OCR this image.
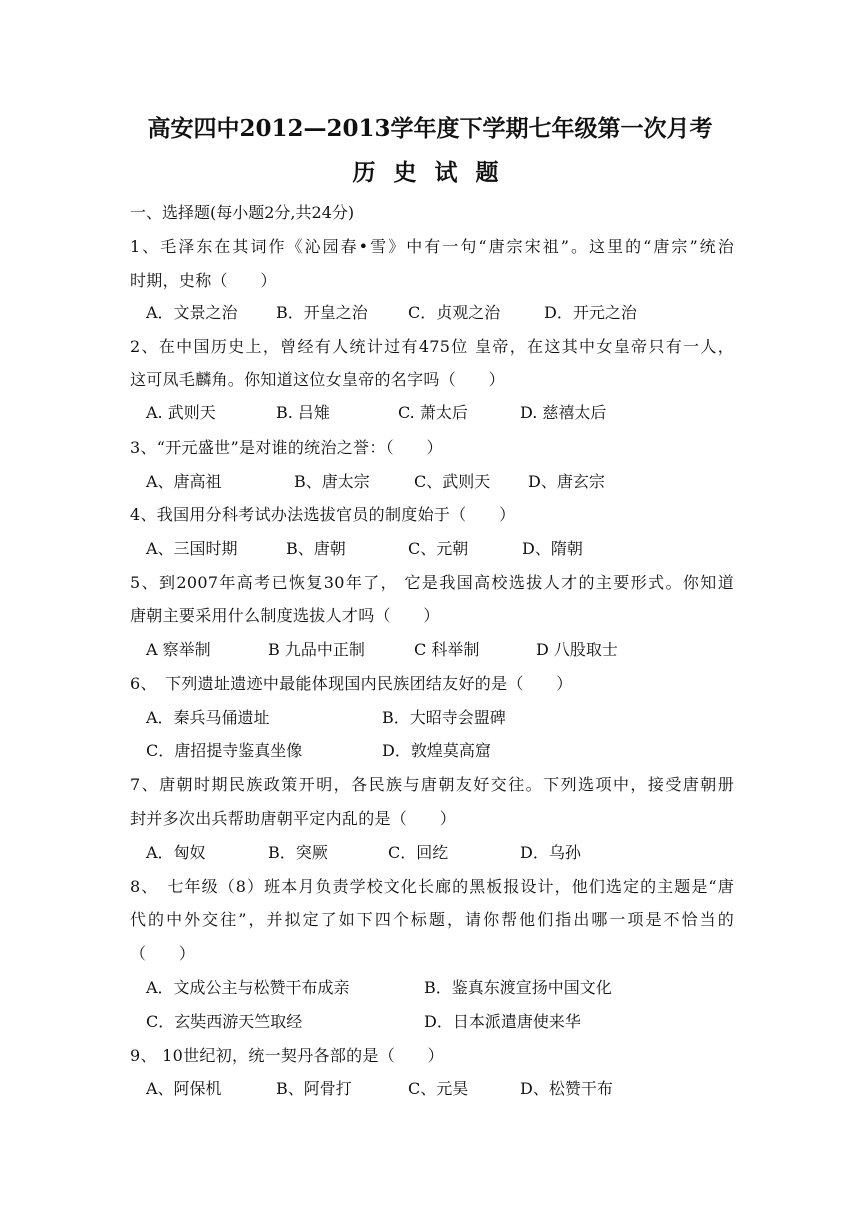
高安四中2012—2013学年度下学期七年级第一次月考
历史试题
一、选择题(每小题2分,共24分)
1、毛泽东在其词作《沁园春•雪》中有一句“唐宗宋祖”。这里的“唐宗”统治
时期，史称（　　）
A．文景之治 B．开皇之治	C．贞观之治	D．开元之治
2、在中国历史上，曾经有人统计过有475位 皇帝，在这其中女皇帝只有一人，
这可凤毛麟角。你知道这位女皇帝的名字吗（　　）
A. 武则天	B. 吕雉	C. 萧太后	D. 慈禧太后
3、“开元盛世”是对谁的统治之誉：（　　）
A、唐高祖	B、唐太宗	C、武则天 D、唐玄宗
4、我国用分科考试办法选拔官员的制度始于（　　）
A、三国时期	B、唐朝	C、元朝	D、隋朝
5、到2007年高考已恢复30年了， 它是我国高校选拔人才的主要形式。你知道
唐朝主要采用什么制度选拔人才吗（　　）
A 察举制	B 九品中正制	C 科举制	D 八股取士
6、　下列遗址遗迹中最能体现国内民族团结友好的是（　　）
A．秦兵马俑遗址	B．大昭寺会盟碑
C．唐招提寺鉴真坐像	D．敦煌莫高窟
7、唐朝时期民族政策开明，各民族与唐朝友好交往。下列选项中，接受唐朝册
封并多次出兵帮助唐朝平定内乱的是（　　）
A．匈奴	B．突厥	C．回纥	D．乌孙
8、　七年级（8）班本月负责学校文化长廊的黑板报设计，他们选定的主题是“唐
代的中外交往”，并拟定了如下四个标题，请你帮他们指出哪一项是不恰当的
（　　）
A．文成公主与松赞干布成亲	B．鉴真东渡宣扬中国文化
C．玄奘西游天竺取经	D．日本派遣唐使来华
9、 10世纪初，统一契丹各部的是（　　）
A、阿保机	B、阿骨打	C、元昊	D、松赞干布
